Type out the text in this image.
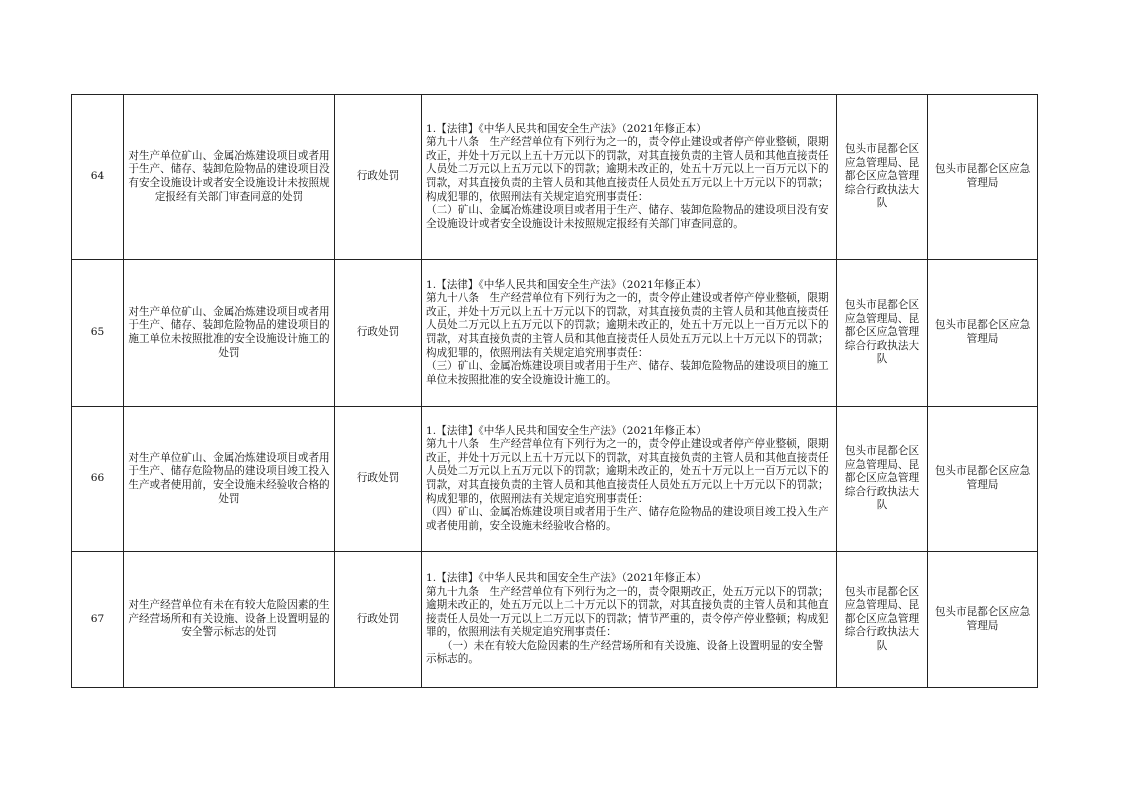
64	对生产单位矿山、金属冶炼建设项目或者用于生产、储存、装卸危险物品的建设项目没有安全设施设计或者安全设施设计未按照规定报经有关部门审查同意的处罚	行政处罚	1.【法律】《中华人民共和国安全生产法》（2021年修正本）
第九十八条　生产经营单位有下列行为之一的，责令停止建设或者停产停业整顿，限期改正，并处十万元以上五十万元以下的罚款，对其直接负责的主管人员和其他直接责任人员处二万元以上五万元以下的罚款；逾期未改正的，处五十万元以上一百万元以下的罚款，对其直接负责的主管人员和其他直接责任人员处五万元以上十万元以下的罚款；构成犯罪的，依照刑法有关规定追究刑事责任：
（二）矿山、金属冶炼建设项目或者用于生产、储存、装卸危险物品的建设项目没有安全设施设计或者安全设施设计未按照规定报经有关部门审查同意的。	包头市昆都仑区应急管理局、昆都仑区应急管理综合行政执法大队	包头市昆都仑区应急管理局
65	对生产单位矿山、金属冶炼建设项目或者用于生产、储存、装卸危险物品的建设项目的施工单位未按照批准的安全设施设计施工的处罚	行政处罚	1.【法律】《中华人民共和国安全生产法》（2021年修正本）
第九十八条　生产经营单位有下列行为之一的，责令停止建设或者停产停业整顿，限期改正，并处十万元以上五十万元以下的罚款，对其直接负责的主管人员和其他直接责任人员处二万元以上五万元以下的罚款；逾期未改正的，处五十万元以上一百万元以下的罚款，对其直接负责的主管人员和其他直接责任人员处五万元以上十万元以下的罚款；构成犯罪的，依照刑法有关规定追究刑事责任：
（三）矿山、金属冶炼建设项目或者用于生产、储存、装卸危险物品的建设项目的施工单位未按照批准的安全设施设计施工的。	包头市昆都仑区应急管理局、昆都仑区应急管理综合行政执法大队	包头市昆都仑区应急管理局
66	对生产单位矿山、金属冶炼建设项目或者用于生产、储存危险物品的建设项目竣工投入生产或者使用前，安全设施未经验收合格的处罚	行政处罚	1.【法律】《中华人民共和国安全生产法》（2021年修正本）
第九十八条　生产经营单位有下列行为之一的，责令停止建设或者停产停业整顿，限期改正，并处十万元以上五十万元以下的罚款，对其直接负责的主管人员和其他直接责任人员处二万元以上五万元以下的罚款；逾期未改正的，处五十万元以上一百万元以下的罚款，对其直接负责的主管人员和其他直接责任人员处五万元以上十万元以下的罚款；构成犯罪的，依照刑法有关规定追究刑事责任：
（四）矿山、金属冶炼建设项目或者用于生产、储存危险物品的建设项目竣工投入生产或者使用前，安全设施未经验收合格的。	包头市昆都仑区应急管理局、昆都仑区应急管理综合行政执法大队	包头市昆都仑区应急管理局
67	对生产经营单位有未在有较大危险因素的生产经营场所和有关设施、设备上设置明显的安全警示标志的处罚	行政处罚	1.【法律】《中华人民共和国安全生产法》（2021年修正本）
第九十九条　生产经营单位有下列行为之一的，责令限期改正，处五万元以下的罚款；逾期未改正的，处五万元以上二十万元以下的罚款，对其直接负责的主管人员和其他直接责任人员处一万元以上二万元以下的罚款；情节严重的，责令停产停业整顿；构成犯罪的，依照刑法有关规定追究刑事责任：
　　（一）未在有较大危险因素的生产经营场所和有关设施、设备上设置明显的安全警示标志的。	包头市昆都仑区应急管理局、昆都仑区应急管理综合行政执法大队	包头市昆都仑区应急管理局
